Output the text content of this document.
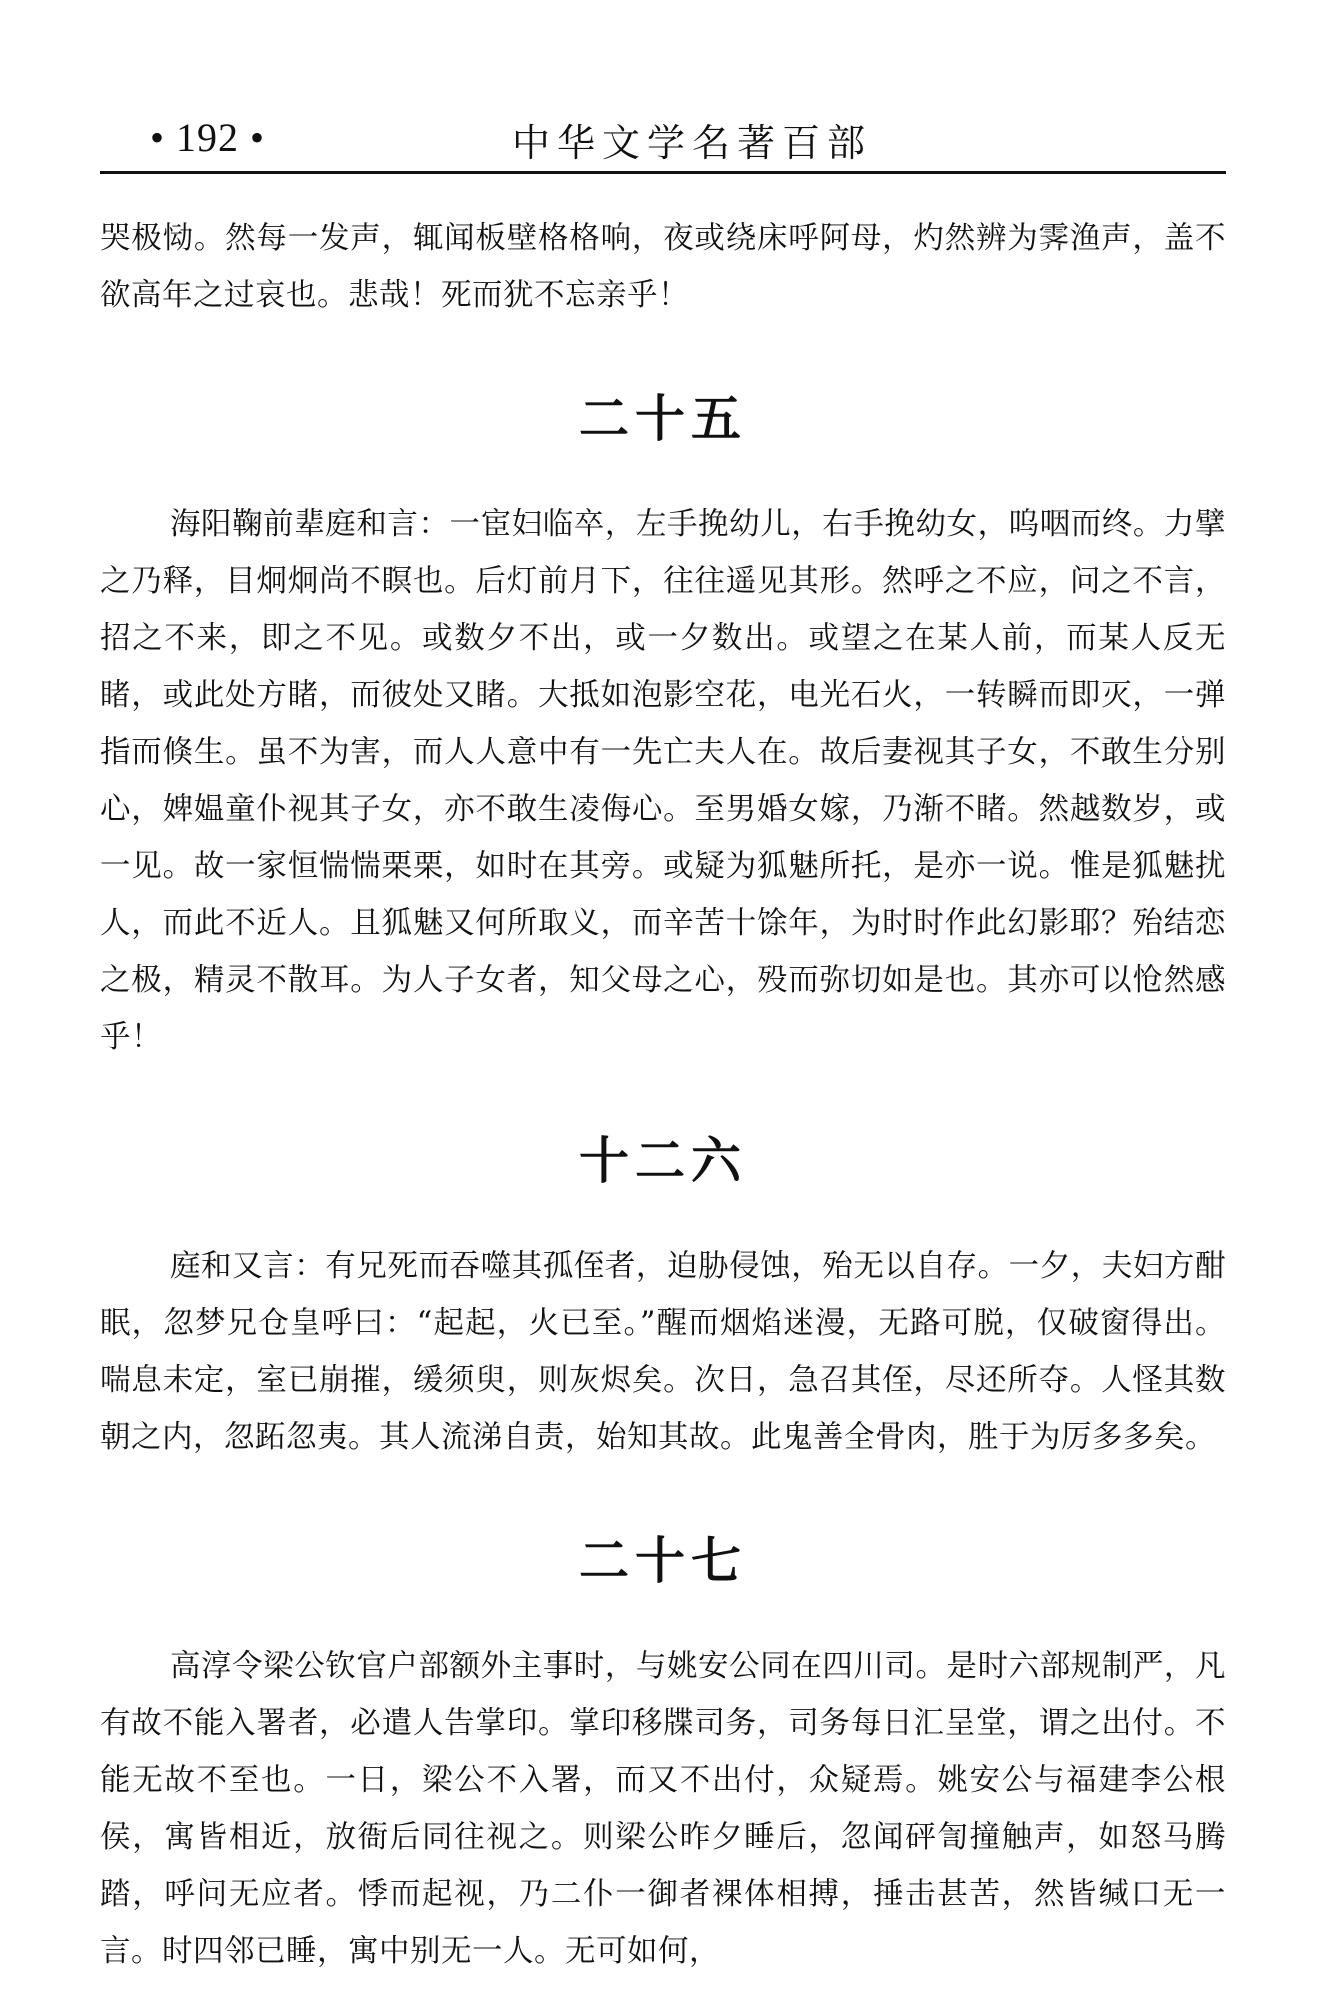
• 192 •	中华文学名著百部

哭极恸。然每一发声，辄闻板壁格格响，夜或绕床呼阿母，灼然辨为霁渔声，盖不欲高年之过哀也。悲哉！死而犹不忘亲乎！

二十五

海阳鞠前辈庭和言：一宦妇临卒，左手挽幼儿，右手挽幼女，呜咽而终。力擘之乃释，目炯炯尚不瞑也。后灯前月下，往往遥见其形。然呼之不应，问之不言，招之不来，即之不见。或数夕不出，或一夕数出。或望之在某人前，而某人反无睹，或此处方睹，而彼处又睹。大抵如泡影空花，电光石火，一转瞬而即灭，一弹指而倏生。虽不为害，而人人意中有一先亡夫人在。故后妻视其子女，不敢生分别心，婢媪童仆视其子女，亦不敢生凌侮心。至男婚女嫁，乃渐不睹。然越数岁，或一见。故一家恒惴惴栗栗，如时在其旁。或疑为狐魅所托，是亦一说。惟是狐魅扰人，而此不近人。且狐魅又何所取义，而辛苦十馀年，为时时作此幻影耶？殆结恋之极，精灵不散耳。为人子女者，知父母之心，殁而弥切如是也。其亦可以怆然感乎！

十二六

庭和又言：有兄死而吞噬其孤侄者，迫胁侵蚀，殆无以自存。一夕，夫妇方酣眠，忽梦兄仓皇呼曰：“起起，火已至。”醒而烟焰迷漫，无路可脱，仅破窗得出。喘息未定，室已崩摧，缓须臾，则灰烬矣。次日，急召其侄，尽还所夺。人怪其数朝之内，忽跖忽夷。其人流涕自责，始知其故。此鬼善全骨肉，胜于为厉多多矣。

二十七

高淳令梁公钦官户部额外主事时，与姚安公同在四川司。是时六部规制严，凡有故不能入署者，必遣人告掌印。掌印移牒司务，司务每日汇呈堂，谓之出付。不能无故不至也。一日，梁公不入署，而又不出付，众疑焉。姚安公与福建李公根侯，寓皆相近，放衙后同往视之。则梁公昨夕睡后，忽闻砰訇撞触声，如怒马腾踏，呼问无应者。悸而起视，乃二仆一御者裸体相搏，捶击甚苦，然皆缄口无一言。时四邻已睡，寓中别无一人。无可如何，
